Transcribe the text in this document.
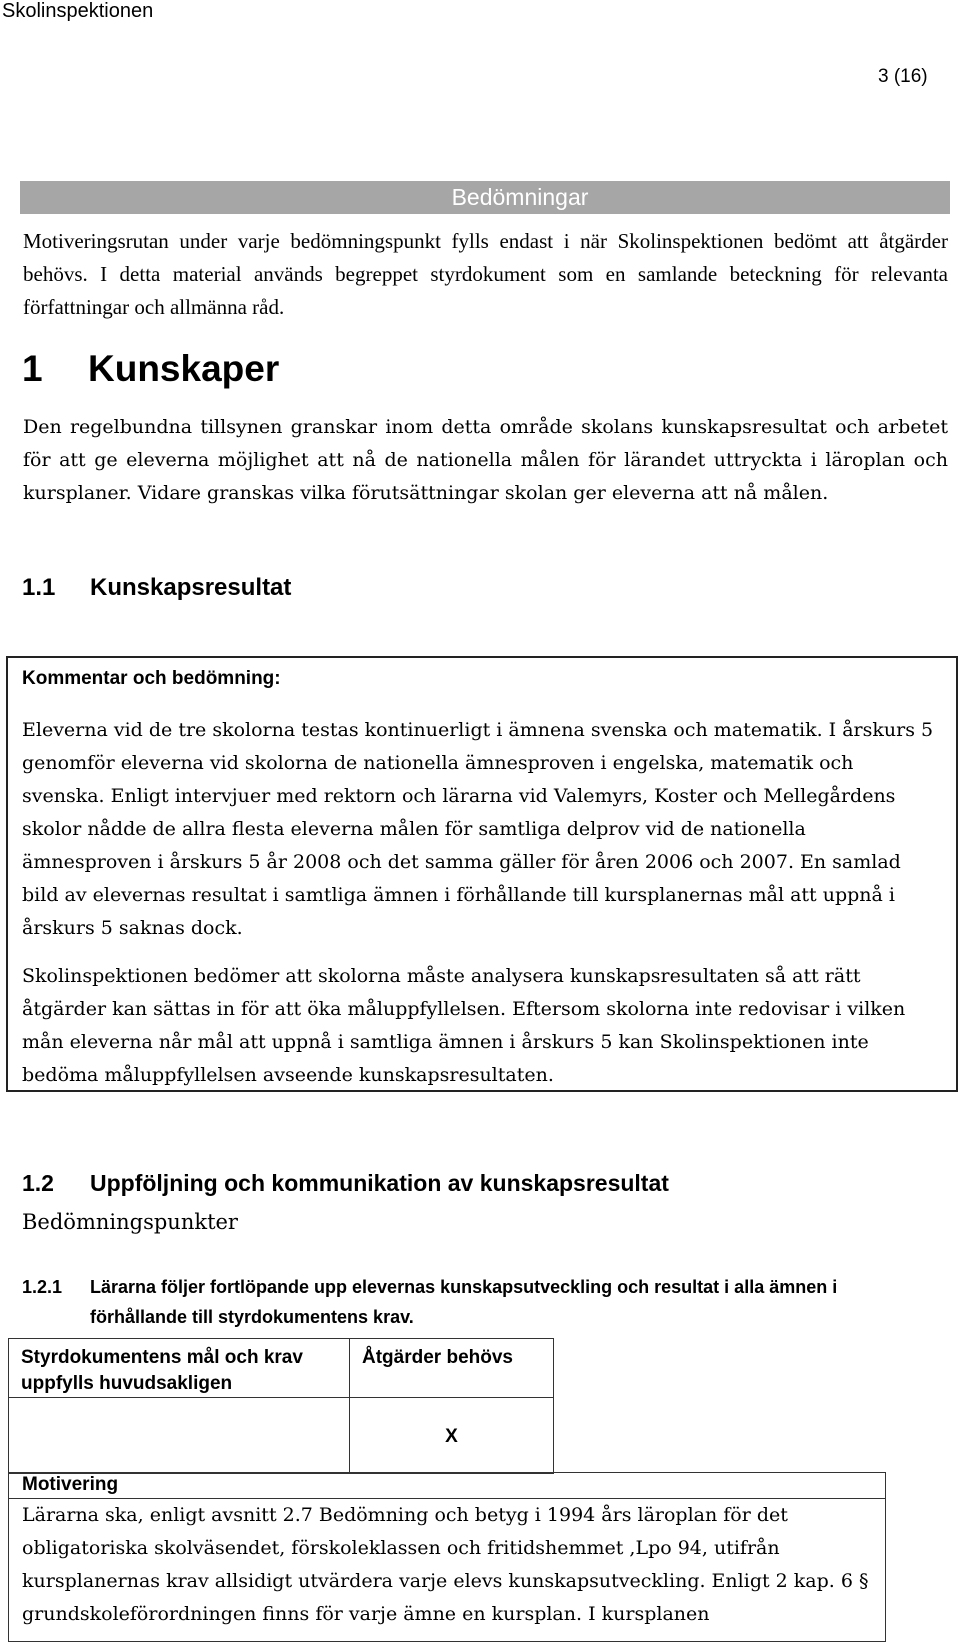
Skolinspektionen
3 (16)
Bedömningar
Motiveringsrutan under varje bedömningspunkt fylls endast i när Skolinspektionen bedömt att åtgärder behövs. I detta material används begreppet styrdokument som en samlande beteckning för relevanta författningar och allmänna råd.
1 Kunskaper
Den regelbundna tillsynen granskar inom detta område skolans kunskapsresultat och arbetet för att ge eleverna möjlighet att nå de nationella målen för lärandet uttryckta i läroplan och kursplaner. Vidare granskas vilka förutsättningar skolan ger eleverna att nå målen.
1.1 Kunskapsresultat
Kommentar och bedömning:
Eleverna vid de tre skolorna testas kontinuerligt i ämnena svenska och matematik. I årskurs 5 genomför eleverna vid skolorna de nationella ämnesproven i engelska, matematik och svenska. Enligt intervjuer med rektorn och lärarna vid Valemyrs, Koster och Mellegårdens skolor nådde de allra flesta eleverna målen för samtliga delprov vid de nationella ämnesproven i årskurs 5 år 2008 och det samma gäller för åren 2006 och 2007. En samlad bild av elevernas resultat i samtliga ämnen i förhållande till kursplanernas mål att uppnå i årskurs 5 saknas dock.
Skolinspektionen bedömer att skolorna måste analysera kunskapsresultaten så att rätt åtgärder kan sättas in för att öka måluppfyllelsen. Eftersom skolorna inte redovisar i vilken mån eleverna når mål att uppnå i samtliga ämnen i årskurs 5 kan Skolinspektionen inte bedöma måluppfyllelsen avseende kunskapsresultaten.
1.2 Uppföljning och kommunikation av kunskapsresultat
Bedömningspunkter
1.2.1 Lärarna följer fortlöpande upp elevernas kunskapsutveckling och resultat i alla ämnen i förhållande till styrdokumentens krav.
Styrdokumentens mål och krav uppfylls huvudsakligen	Åtgärder behövs

	X
Motivering
Lärarna ska, enligt avsnitt 2.7 Bedömning och betyg i 1994 års läroplan för det obligatoriska skolväsendet, förskoleklassen och fritidshemmet ,Lpo 94, utifrån kursplanernas krav allsidigt utvärdera varje elevs kunskapsutveckling. Enligt 2 kap. 6 § grundskoleförordningen finns för varje ämne en kursplan. I kursplanen
